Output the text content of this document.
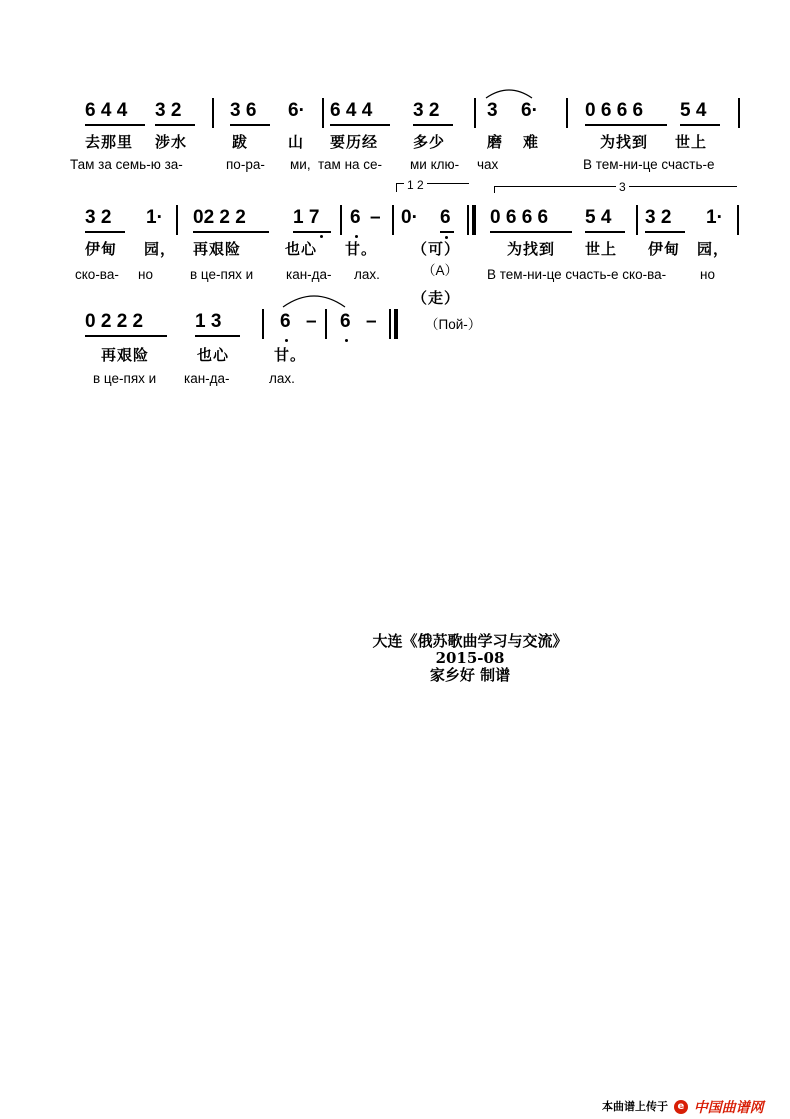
6 4 4 3 2	3 6 6· 6 4 4 3 2	3 6· 0 6 6 6 5 4
去那里 涉水	跋	山 要历经 多少	磨 难	为找到 世上
Там за семь-ю за-	по-ра- ми, там на се- ми клю- чах	В тем-ни-це счасть-е
1 2	3
3 2 1· 02 2 2 1 7 6 – 0· 6 0 6 6 6 5 4 3 2 1·
伊甸 园， 再艰险	也心 甘。 （可）	为找到 世上 伊甸 园，
ско-ва- но	в це-пях и кан-да- лах.	（А） В тем-ни-це счасть-е ско-ва-	но
（走）
0 2 2 2	1 3	6 – 6 –	（Пой-）
再艰险	也心	甘。
в це-пях и кан-да-	лах.
大连《俄苏歌曲学习与交流》
2015-08
家乡好 制谱
本曲谱上传于 e 中国曲谱网
